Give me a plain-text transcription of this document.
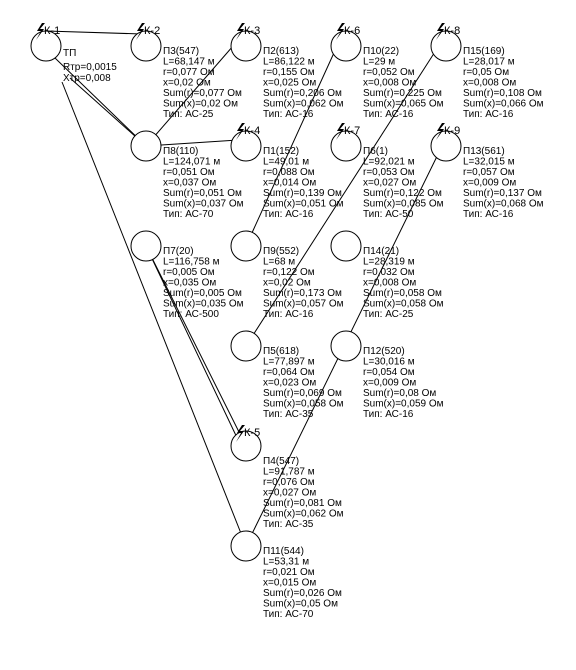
К-1	К-2	К-3
К-4
К-5
К-6
К-7
К-8
К-9
П3(547)
L=68,147 м
r=0,077 Ом
x=0,02 Ом
Sum(r)=0,077 Ом
Sum(x)=0,02 Ом
Тип: АС-25
П2(613)
L=86,122 м
r=0,155 Ом
x=0,025 Ом
Sum(r)=0,206 Ом
Sum(x)=0,062 Ом
Тип: АС-16
П10(22)
L=29 м
r=0,052 Ом
x=0,008 Ом
Sum(r)=0,225 Ом
Sum(x)=0,065 Ом
Тип: АС-16
П15(169)
L=28,017 м
r=0,05 Ом
x=0,008 Ом
Sum(r)=0,108 Ом
Sum(x)=0,066 Ом
Тип: АС-16
П8(110)
L=124,071 м
r=0,051 Ом
x=0,037 Ом
Sum(r)=0,051 Ом
Sum(x)=0,037 Ом
Тип: АС-70
П1(152)
L=49,01 м
r=0,088 Ом
x=0,014 Ом
Sum(r)=0,139 Ом
Sum(x)=0,051 Ом
Тип: АС-16
П6(1)
L=92,021 м
r=0,053 Ом
x=0,027 Ом
Sum(r)=0,122 Ом
Sum(x)=0,085 Ом
Тип: АС-50
П13(561)
L=32,015 м
r=0,057 Ом
x=0,009 Ом
Sum(r)=0,137 Ом
Sum(x)=0,068 Ом
Тип: АС-16
П7(20)
L=116,758 м
r=0,005 Ом
x=0,035 Ом
Sum(r)=0,005 Ом
Sum(x)=0,035 Ом
Тип: АС-500
П9(552)
L=68 м
r=0,122 Ом
x=0,02 Ом
Sum(r)=0,173 Ом
Sum(x)=0,057 Ом
Тип: АС-16
П14(21)
L=28,319 м
r=0,032 Ом
x=0,008 Ом
Sum(r)=0,058 Ом
Sum(x)=0,058 Ом
Тип: АС-25
П5(618)
L=77,897 м
r=0,064 Ом
x=0,023 Ом
Sum(r)=0,069 Ом
Sum(x)=0,058 Ом
Тип: АС-35
П12(520)
L=30,016 м
r=0,054 Ом
x=0,009 Ом
Sum(r)=0,08 Ом
Sum(x)=0,059 Ом
Тип: АС-16
П4(547)
L=91,787 м
r=0,076 Ом
x=0,027 Ом
Sum(r)=0,081 Ом
Sum(x)=0,062 Ом
Тип: АС-35
П11(544)
L=53,31 м
r=0,021 Ом
x=0,015 Ом
Sum(r)=0,026 Ом
Sum(x)=0,05 Ом
Тип: АС-70
ТП
Rтр=0,0015
Xтр=0,008
